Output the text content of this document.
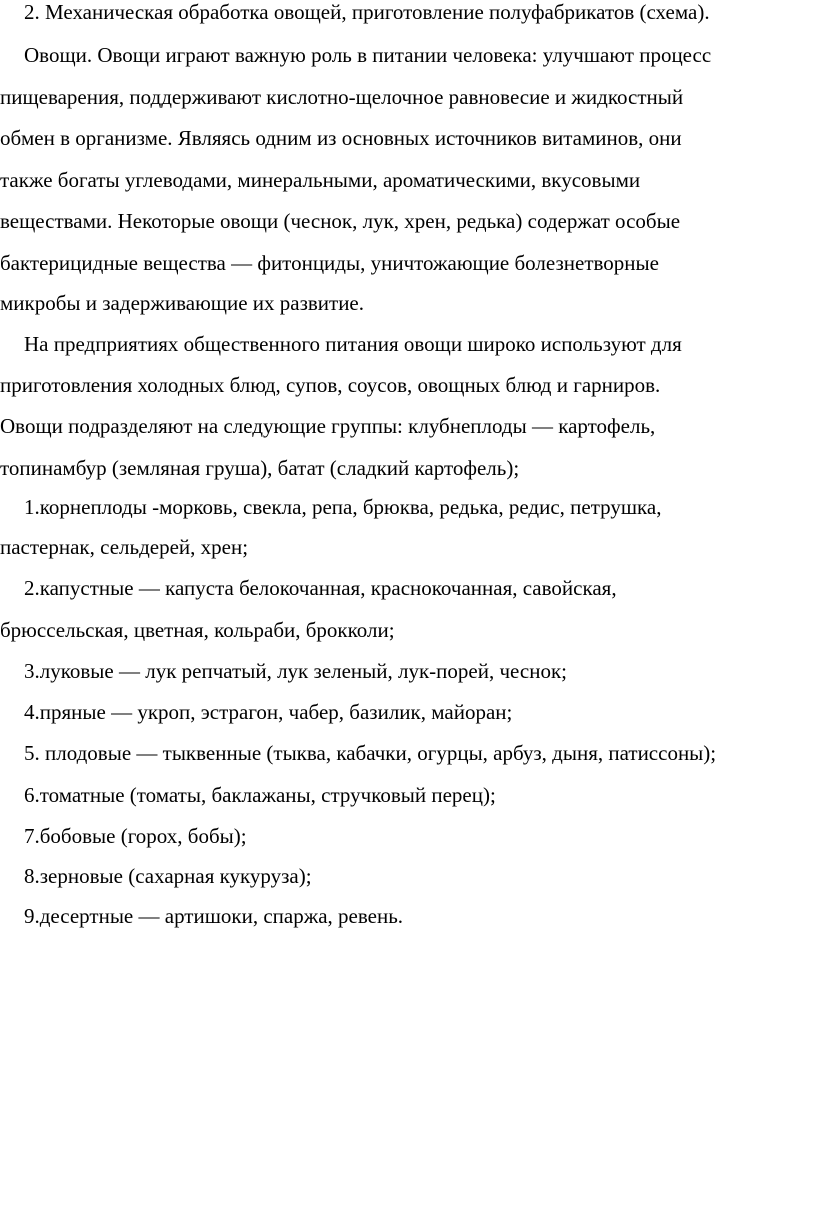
2. Механическая обработка овощей, приготовление полуфабрикатов (схема).
Овощи. Овощи играют важную роль в питании человека: улучшают процесс
пищеварения, поддерживают кислотно-щелочное равновесие и жидкостный
обмен в организме. Являясь одним из основных источников витаминов, они
также богаты углеводами, минеральными, ароматическими, вкусовыми
веществами. Некоторые овощи (чеснок, лук, хрен, редька) содержат особые
бактерицидные вещества — фитонциды, уничтожающие болезнетворные
микробы и задерживающие их развитие.
На предприятиях общественного питания овощи широко используют для
приготовления холодных блюд, супов, соусов, овощных блюд и гарниров.
Овощи подразделяют на следующие группы: клубнеплоды — картофель,
топинамбур (земляная груша), батат (сладкий картофель);
1.корнеплоды -морковь, свекла, репа, брюква, редька, редис, петрушка,
пастернак, сельдерей, хрен;
2.капустные — капуста белокочанная, краснокочанная, савойская,
брюссельская, цветная, кольраби, брокколи;
3.луковые — лук репчатый, лук зеленый, лук-порей, чеснок;
4.пряные — укроп, эстрагон, чабер, базилик, майоран;
5. плодовые — тыквенные (тыква, кабачки, огурцы, арбуз, дыня, патиссоны);
6.томатные (томаты, баклажаны, стручковый перец);
7.бобовые (горох, бобы);
8.зерновые (сахарная кукуруза);
9.десертные — артишоки, спаржа, ревень.
